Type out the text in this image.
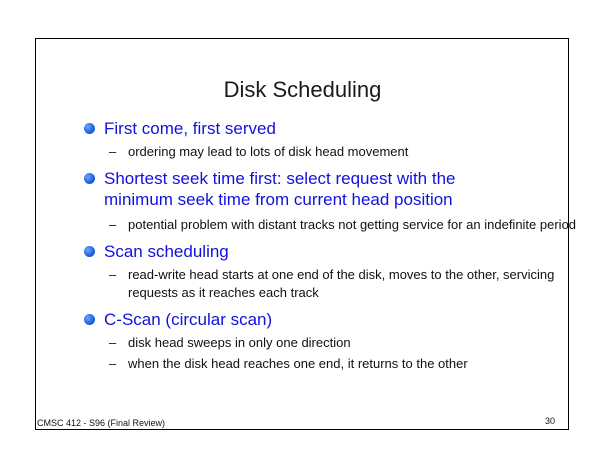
Disk Scheduling
First come, first served
– ordering may lead to lots of disk head movement
Shortest seek time first: select request with the minimum seek time from current head position
– potential problem with distant tracks not getting service for an indefinite period
Scan scheduling
– read-write head starts at one end of the disk, moves to the other, servicing requests as it reaches each track
C-Scan (circular scan)
– disk head sweeps in only one direction
– when the disk head reaches one end, it returns to the other
CMSC 412 - S96 (Final Review)	30
